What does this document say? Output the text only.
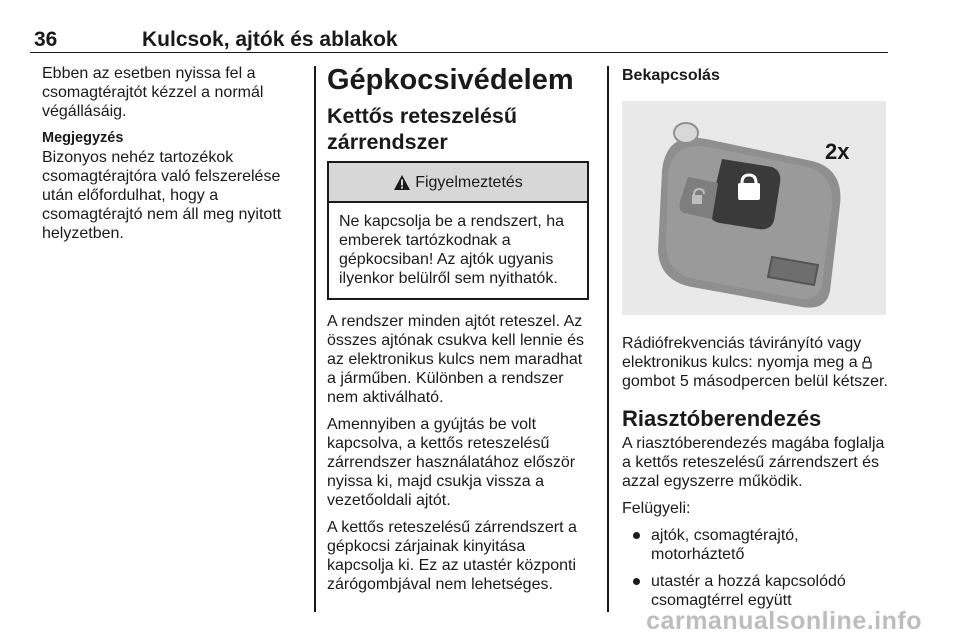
36	Kulcsok, ajtók és ablakok

Ebben az esetben nyissa fel a
csomagtérajtót kézzel a normál
végállásáig.

Megjegyzés

Bizonyos nehéz tartozékok
csomagtérajtóra való felszerelése
után előfordulhat, hogy a
csomagtérajtó nem áll meg nyitott
helyzetben.

Gépkocsivédelem
Kettős reteszelésű
zárrendszer
Figyelmeztetés
Ne kapcsolja be a rendszert, ha
emberek tartózkodnak a
gépkocsiban! Az ajtók ugyanis
ilyenkor belülről sem nyithatók.

A rendszer minden ajtót reteszel. Az
összes ajtónak csukva kell lennie és
az elektronikus kulcs nem maradhat
a járműben. Különben a rendszer
nem aktiválható.

Amennyiben a gyújtás be volt
kapcsolva, a kettős reteszelésű
zárrendszer használatához először
nyissa ki, majd csukja vissza a
vezetőoldali ajtót.

A kettős reteszelésű zárrendszert a
gépkocsi zárjainak kinyitása
kapcsolja ki. Ez az utastér központi
zárógombjával nem lehetséges.

Bekapcsolás
2x

Rádiófrekvenciás távirányító vagy
elektronikus kulcs: nyomja meg a
gombot 5 másodpercen belül kétszer.

Riasztóberendezés

A riasztóberendezés magába foglalja
a kettős reteszelésű zárrendszert és
azzal egyszerre működik.

Felügyeli:

ajtók, csomagtérajtó,
motorháztető
utastér a hozzá kapcsolódó
csomagtérrel együtt
carmanualsonline.info
